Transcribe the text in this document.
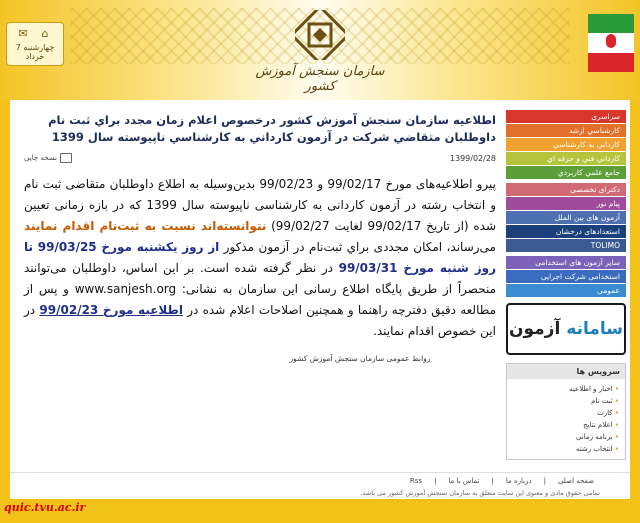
✉	⌂
چهارشنبه 7 خرداد
سازمان سنجش آموزش کشور
اطلاعيه سازمان سنجش آموزش كشور درخصوص اعلام زمان مجدد براي ثبت نام داوطلبان متقاضي شركت در آزمون كارداني به كارشناسي ناپيوسته سال 1399
1399/02/28
نسخه چاپی
پیرو اطلاعیه‌های مورخ 99/02/17 و 99/02/23 بدین‌وسیله به اطلاع داوطلبان متقاضی ثبت نام و انتخاب رشته در آزمون کاردانی به کارشناسی ناپیوسته سال 1399 که در بازه زمانی تعیین شده (از تاریخ 99/02/17 لغایت 99/02/27) نتوانسته‌اند نسبت به ثبت‌نام اقدام نمایند می‌رساند، امکان مجددی براي ثبت‌نام در آزمون مذکور از روز یکشنبه مورخ 99/03/25 تا روز شنبه مورخ 99/03/31 در نظر گرفته شده است. بر این اساس، داوطلبان می‌توانند منحصراً از طریق پایگاه اطلاع رسانی این سازمان به نشانی: www.sanjesh.org و پس از مطالعه دقیق دفترچه راهنما و همچنین اصلاحات اعلام شده در اطلاعیه مورخ 99/02/23 در این خصوص اقدام نمایند.
روابط عمومی سازمان سنجش آموزش کشور
سراسری
كارشناسي ارشد
كارداني به كارشناسي
كارداني فني و حرفه اي
جامع علمي كاربردي
دکترای تخصصی
پیام نور
آزمون های بین الملل
استعدادهای درخشان
TOLIMO
سایر آزمون های استخدامی
استخدامی شرکت اجرایی
عمومی
آزمون سامانه
سرویس ها
اخبار و اطلاعیه •
ثبت نام •
کارت •
اعلام نتایج •
برنامه زمانی •
انتخاب رشته •
صفحه اصلی|درباره ما|تماس با ما|Rss
تمامی حقوق مادی و معنوی این سایت متعلق به سازمان سنجش آموزش کشور می باشد.
quic.tvu.ac.ir
